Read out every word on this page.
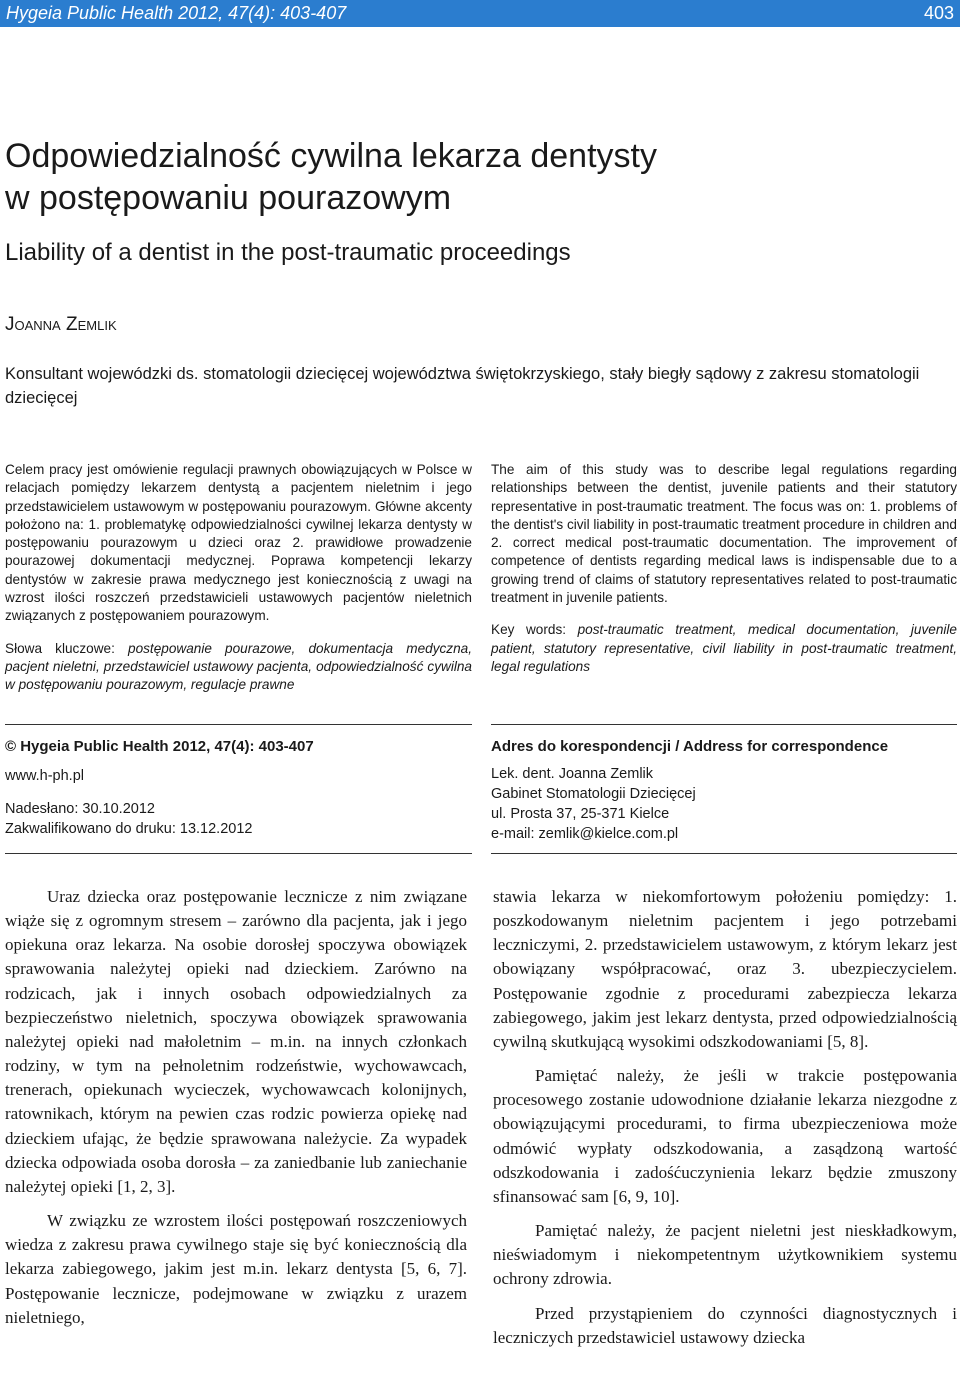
Hygeia Public Health 2012, 47(4): 403-407	403
Odpowiedzialność cywilna lekarza dentysty
w postępowaniu pourazowym
Liability of a dentist in the post-traumatic proceedings
Joanna Zemlik
Konsultant wojewódzki ds. stomatologii dziecięcej województwa świętokrzyskiego, stały biegły sądowy z zakresu stomatologii dziecięcej

Celem pracy jest omówienie regulacji prawnych obowiązujących w Polsce w relacjach pomiędzy lekarzem dentystą a pacjentem nieletnim i jego przedstawicielem ustawowym w postępowaniu pourazowym. Główne akcenty położono na: 1. problematykę odpowiedzialności cywilnej lekarza dentysty w postępowaniu pourazowym u dzieci oraz 2. prawidłowe prowadzenie pourazowej dokumentacji medycznej. Poprawa kompetencji lekarzy dentystów w zakresie prawa medycznego jest koniecznością z uwagi na wzrost ilości roszczeń przedstawicieli ustawowych pacjentów nieletnich związanych z postępowaniem pourazowym.

Słowa kluczowe: postępowanie pourazowe, dokumentacja medyczna, pacjent nieletni, przedstawiciel ustawowy pacjenta, odpowiedzialność cywilna w postępowaniu pourazowym, regulacje prawne

The aim of this study was to describe legal regulations regarding relationships between the dentist, juvenile patients and their statutory representative in post-traumatic treatment. The focus was on: 1. problems of the dentist's civil liability in post-traumatic treatment procedure in children and 2. correct medical post-traumatic documentation. The improvement of competence of dentists regarding medical laws is indispensable due to a growing trend of claims of statutory representatives related to post-traumatic treatment in juvenile patients.

Key words: post-traumatic treatment, medical documentation, juvenile patient, statutory representative, civil liability in post-traumatic treatment, legal regulations

© Hygeia Public Health 2012, 47(4): 403-407
www.h-ph.pl
Nadesłano: 30.10.2012
Zakwalifikowano do druku: 13.12.2012
Adres do korespondencji / Address for correspondence
Lek. dent. Joanna Zemlik
Gabinet Stomatologii Dziecięcej
ul. Prosta 37, 25-371 Kielce
e-mail: zemlik@kielce.com.pl

Uraz dziecka oraz postępowanie lecznicze z nim związane wiąże się z ogromnym stresem – zarówno dla pacjenta, jak i jego opiekuna oraz lekarza. Na osobie dorosłej spoczywa obowiązek sprawowania należytej opieki nad dzieckiem. Zarówno na rodzicach, jak i innych osobach odpowiedzialnych za bezpieczeństwo nieletnich, spoczywa obowiązek sprawowania należytej opieki nad małoletnim – m.in. na innych członkach rodziny, w tym na pełnoletnim rodzeństwie, wychowawcach, trenerach, opiekunach wycieczek, wychowawcach kolonijnych, ratownikach, którym na pewien czas rodzic powierza opiekę nad dzieckiem ufając, że będzie sprawowana należycie. Za wypadek dziecka odpowiada osoba dorosła – za zaniedbanie lub zaniechanie należytej opieki [1, 2, 3].

W związku ze wzrostem ilości postępowań roszczeniowych wiedza z zakresu prawa cywilnego staje się być koniecznością dla lekarza zabiegowego, jakim jest m.in. lekarz dentysta [5, 6, 7]. Postępowanie lecznicze, podejmowane w związku z urazem nieletniego,

stawia lekarza w niekomfortowym położeniu pomiędzy: 1. poszkodowanym nieletnim pacjentem i jego potrzebami leczniczymi, 2. przedstawicielem ustawowym, z którym lekarz jest obowiązany współpracować, oraz 3. ubezpieczycielem. Postępowanie zgodnie z procedurami zabezpiecza lekarza zabiegowego, jakim jest lekarz dentysta, przed odpowiedzialnością cywilną skutkującą wysokimi odszkodowaniami [5, 8].

Pamiętać należy, że jeśli w trakcie postępowania procesowego zostanie udowodnione działanie lekarza niezgodne z obowiązującymi procedurami, to firma ubezpieczeniowa może odmówić wypłaty odszkodowania, a zasądzoną wartość odszkodowania i zadośćuczynienia lekarz będzie zmuszony sfinansować sam [6, 9, 10].

Pamiętać należy, że pacjent nieletni jest nieskładkowym, nieświadomym i niekompetentnym użytkownikiem systemu ochrony zdrowia.

Przed przystąpieniem do czynności diagnostycznych i leczniczych przedstawiciel ustawowy dziecka
